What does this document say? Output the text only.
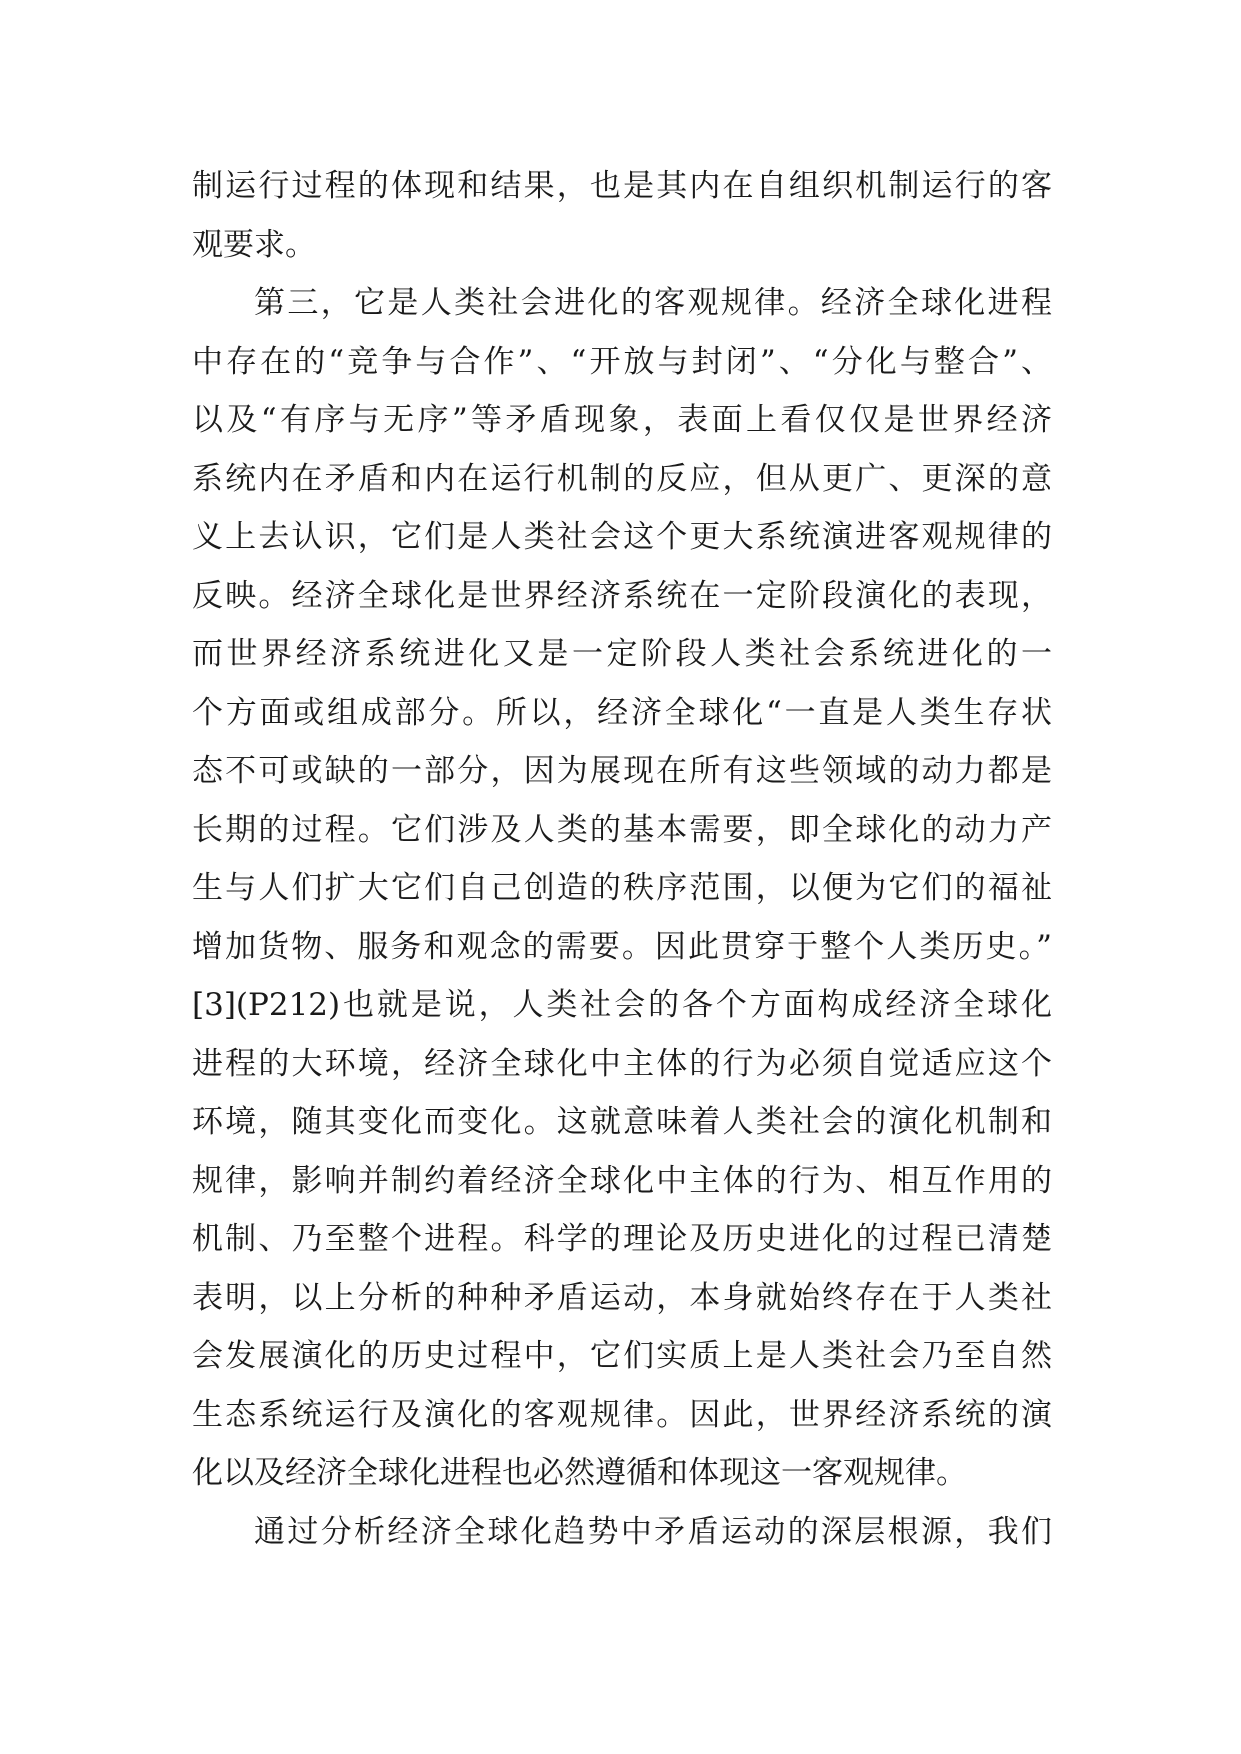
制运行过程的体现和结果，也是其内在自组织机制运行的客
观要求。
第三，它是人类社会进化的客观规律。经济全球化进程
中存在的“竞争与合作”、“开放与封闭”、“分化与整合”、
以及“有序与无序”等矛盾现象，表面上看仅仅是世界经济
系统内在矛盾和内在运行机制的反应，但从更广、更深的意
义上去认识，它们是人类社会这个更大系统演进客观规律的
反映。经济全球化是世界经济系统在一定阶段演化的表现，
而世界经济系统进化又是一定阶段人类社会系统进化的一
个方面或组成部分。所以，经济全球化“一直是人类生存状
态不可或缺的一部分，因为展现在所有这些领域的动力都是
长期的过程。它们涉及人类的基本需要，即全球化的动力产
生与人们扩大它们自己创造的秩序范围，以便为它们的福祉
增加货物、服务和观念的需要。因此贯穿于整个人类历史。”
[3](P212)也就是说，人类社会的各个方面构成经济全球化
进程的大环境，经济全球化中主体的行为必须自觉适应这个
环境，随其变化而变化。这就意味着人类社会的演化机制和
规律，影响并制约着经济全球化中主体的行为、相互作用的
机制、乃至整个进程。科学的理论及历史进化的过程已清楚
表明，以上分析的种种矛盾运动，本身就始终存在于人类社
会发展演化的历史过程中，它们实质上是人类社会乃至自然
生态系统运行及演化的客观规律。因此，世界经济系统的演
化以及经济全球化进程也必然遵循和体现这一客观规律。
通过分析经济全球化趋势中矛盾运动的深层根源，我们
